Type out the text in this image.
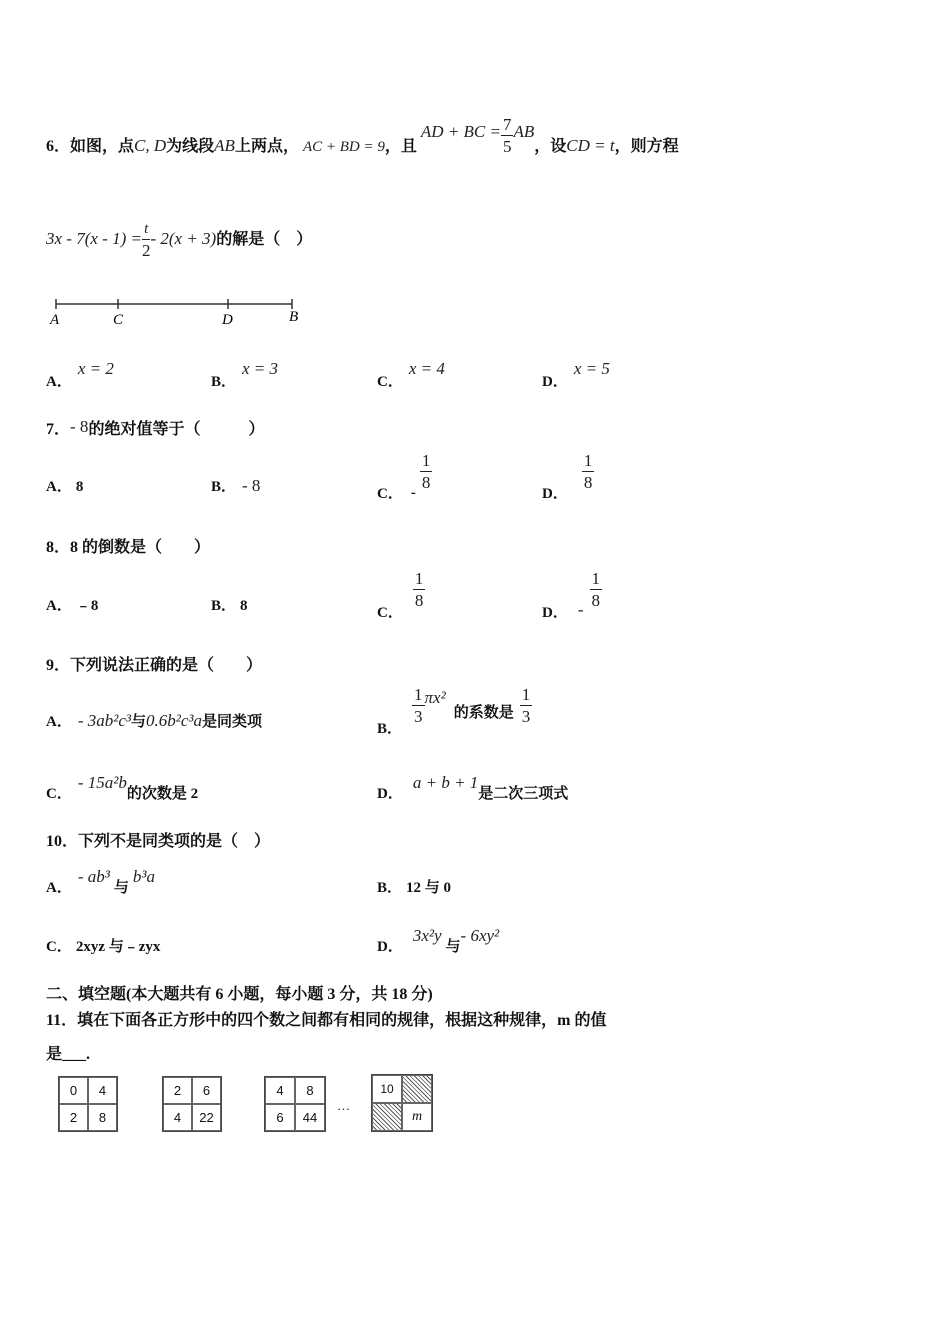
6．如图，点C, D为线段AB上两点， AC + BD = 9，且 AD + BC = $\frac{7}{5}$ AB，设CD = t，则方程
$3x - 7(x - 1) = \frac{t}{2} - 2(x + 3)$的解是（　）
A	C	D	B
A．x = 2
B．x = 3
C．x = 4
D．x = 5
7．- 8的绝对值等于（　　　）
A． 8	B． - 8	C． -
$\frac{1}{8}$
D．
$\frac{1}{8}$
8．8 的倒数是（　　）
A． ﹣8	B． 8	C．
$\frac{1}{8}$
D． -
$\frac{1}{8}$
9．下列说法正确的是（　　）
A． - 3ab²c³与0.6b²c³a是同类项	B．
$\frac{1}{3} \pi x^2$的系数是 $\frac{1}{3}$
C．- 15a²b的次数是 2	D．a + b + 1是二次三项式
10．下列不是同类项的是（　）
A．- ab³与b³a
B． 12 与 0
C． 2xyz 与﹣zyx	D．3x²y与- 6xy²
二、填空题(本大题共有 6 小题，每小题 3 分，共 18 分)
11．填在下面各正方形中的四个数之间都有相同的规律，根据这种规律，m 的值
是___.
0	4
2	8
2	6
4	22
4	8
6	44
…
10
m
